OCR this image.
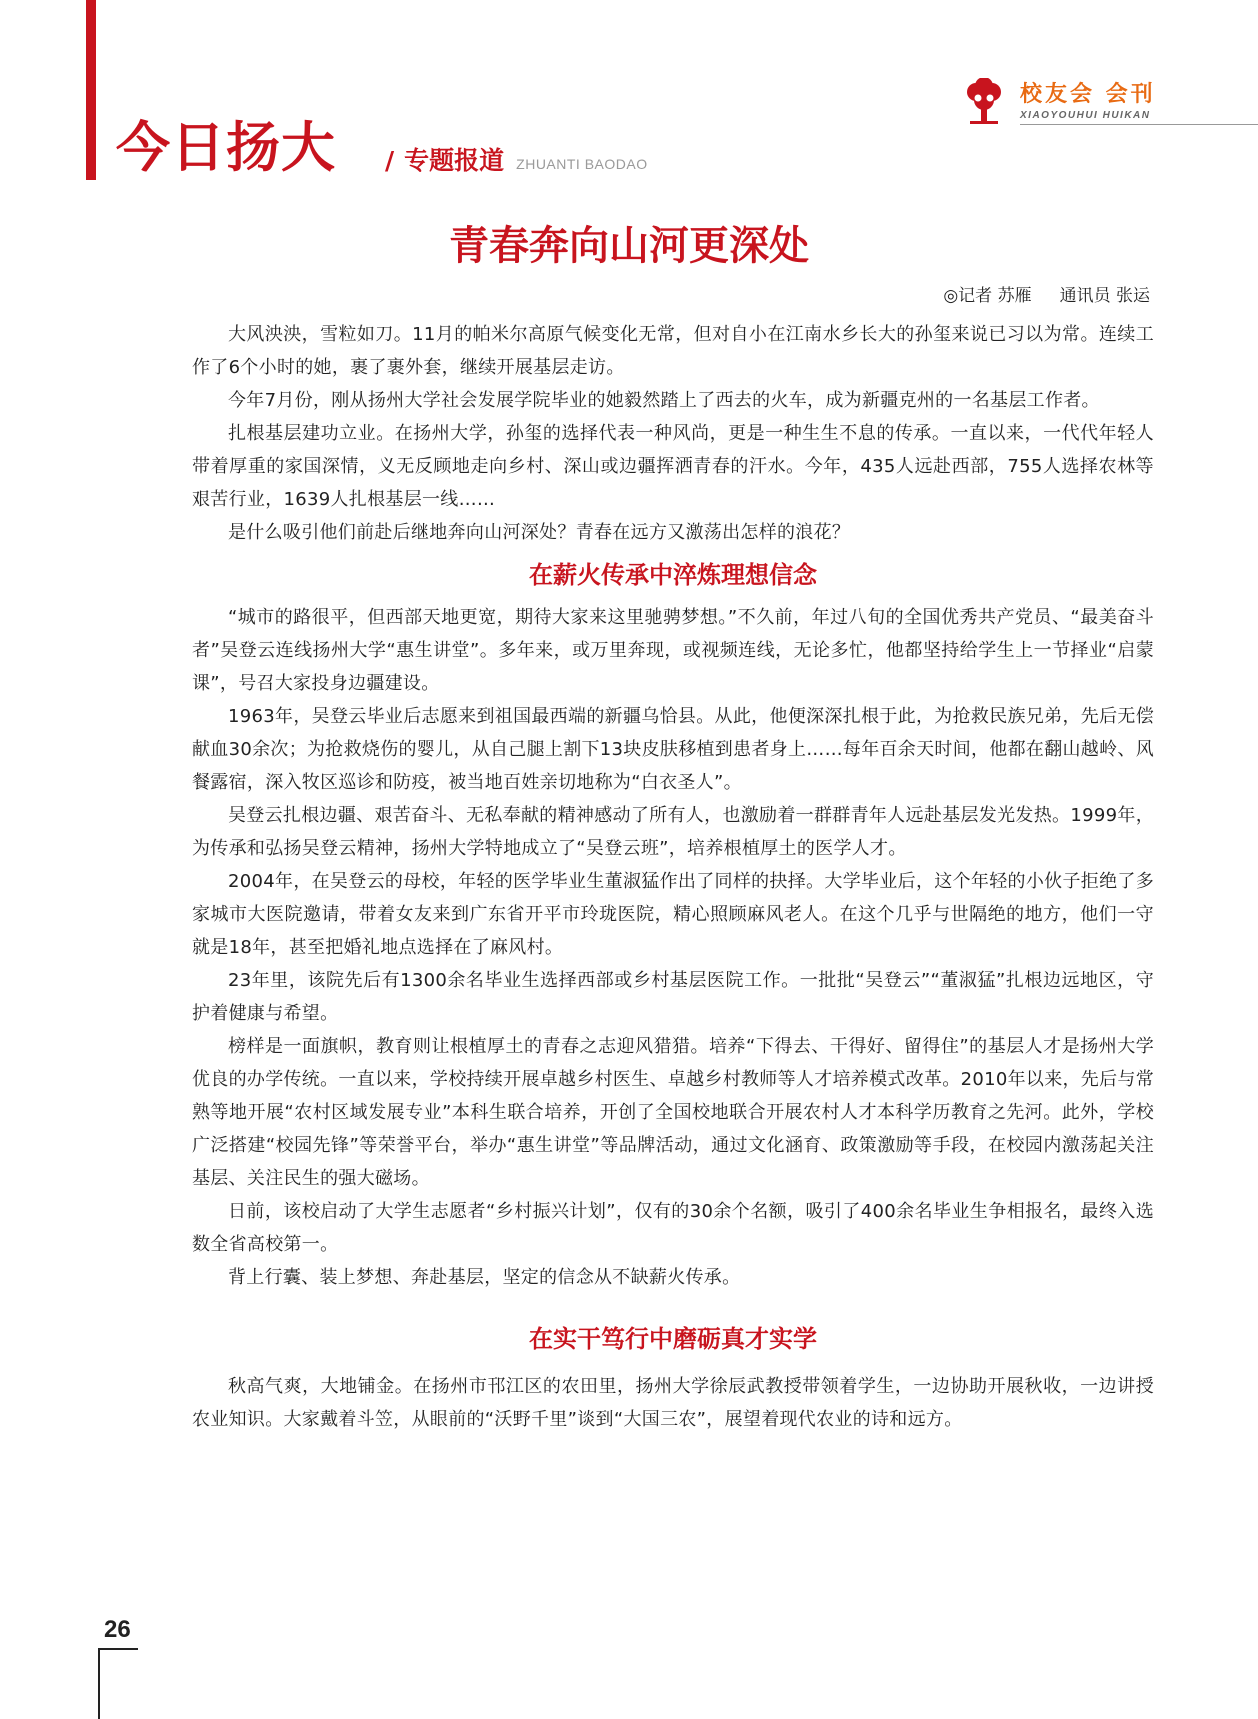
今日扬大 / 专题报道 ZHUANTI BAODAO
校友会 会刊
XIAOYOUHUI HUIKAN
青春奔向山河更深处
◎记者 苏雁 通讯员 张运

大风泱泱，雪粒如刀。11月的帕米尔高原气候变化无常，但对自小在江南水乡长大的孙玺来说已习以为常。连续工作了6个小时的她，裹了裹外套，继续开展基层走访。

今年7月份，刚从扬州大学社会发展学院毕业的她毅然踏上了西去的火车，成为新疆克州的一名基层工作者。

扎根基层建功立业。在扬州大学，孙玺的选择代表一种风尚，更是一种生生不息的传承。一直以来，一代代年轻人带着厚重的家国深情，义无反顾地走向乡村、深山或边疆挥洒青春的汗水。今年，435人远赴西部，755人选择农林等艰苦行业，1639人扎根基层一线……

是什么吸引他们前赴后继地奔向山河深处？青春在远方又激荡出怎样的浪花？

在薪火传承中淬炼理想信念

“城市的路很平，但西部天地更宽，期待大家来这里驰骋梦想。”不久前，年过八旬的全国优秀共产党员、“最美奋斗者”吴登云连线扬州大学“惠生讲堂”。多年来，或万里奔现，或视频连线，无论多忙，他都坚持给学生上一节择业“启蒙课”，号召大家投身边疆建设。

1963年，吴登云毕业后志愿来到祖国最西端的新疆乌恰县。从此，他便深深扎根于此，为抢救民族兄弟，先后无偿献血30余次；为抢救烧伤的婴儿，从自己腿上割下13块皮肤移植到患者身上……每年百余天时间，他都在翻山越岭、风餐露宿，深入牧区巡诊和防疫，被当地百姓亲切地称为“白衣圣人”。

吴登云扎根边疆、艰苦奋斗、无私奉献的精神感动了所有人，也激励着一群群青年人远赴基层发光发热。1999年，为传承和弘扬吴登云精神，扬州大学特地成立了“吴登云班”，培养根植厚土的医学人才。

2004年，在吴登云的母校，年轻的医学毕业生董淑猛作出了同样的抉择。大学毕业后，这个年轻的小伙子拒绝了多家城市大医院邀请，带着女友来到广东省开平市玲珑医院，精心照顾麻风老人。在这个几乎与世隔绝的地方，他们一守就是18年，甚至把婚礼地点选择在了麻风村。

23年里，该院先后有1300余名毕业生选择西部或乡村基层医院工作。一批批“吴登云”“董淑猛”扎根边远地区，守护着健康与希望。

榜样是一面旗帜，教育则让根植厚土的青春之志迎风猎猎。培养“下得去、干得好、留得住”的基层人才是扬州大学优良的办学传统。一直以来，学校持续开展卓越乡村医生、卓越乡村教师等人才培养模式改革。2010年以来，先后与常熟等地开展“农村区域发展专业”本科生联合培养，开创了全国校地联合开展农村人才本科学历教育之先河。此外，学校广泛搭建“校园先锋”等荣誉平台，举办“惠生讲堂”等品牌活动，通过文化涵育、政策激励等手段，在校园内激荡起关注基层、关注民生的强大磁场。

日前，该校启动了大学生志愿者“乡村振兴计划”，仅有的30余个名额，吸引了400余名毕业生争相报名，最终入选数全省高校第一。

背上行囊、装上梦想、奔赴基层，坚定的信念从不缺薪火传承。

在实干笃行中磨砺真才实学

秋高气爽，大地铺金。在扬州市邗江区的农田里，扬州大学徐辰武教授带领着学生，一边协助开展秋收，一边讲授农业知识。大家戴着斗笠，从眼前的“沃野千里”谈到“大国三农”，展望着现代农业的诗和远方。

26
